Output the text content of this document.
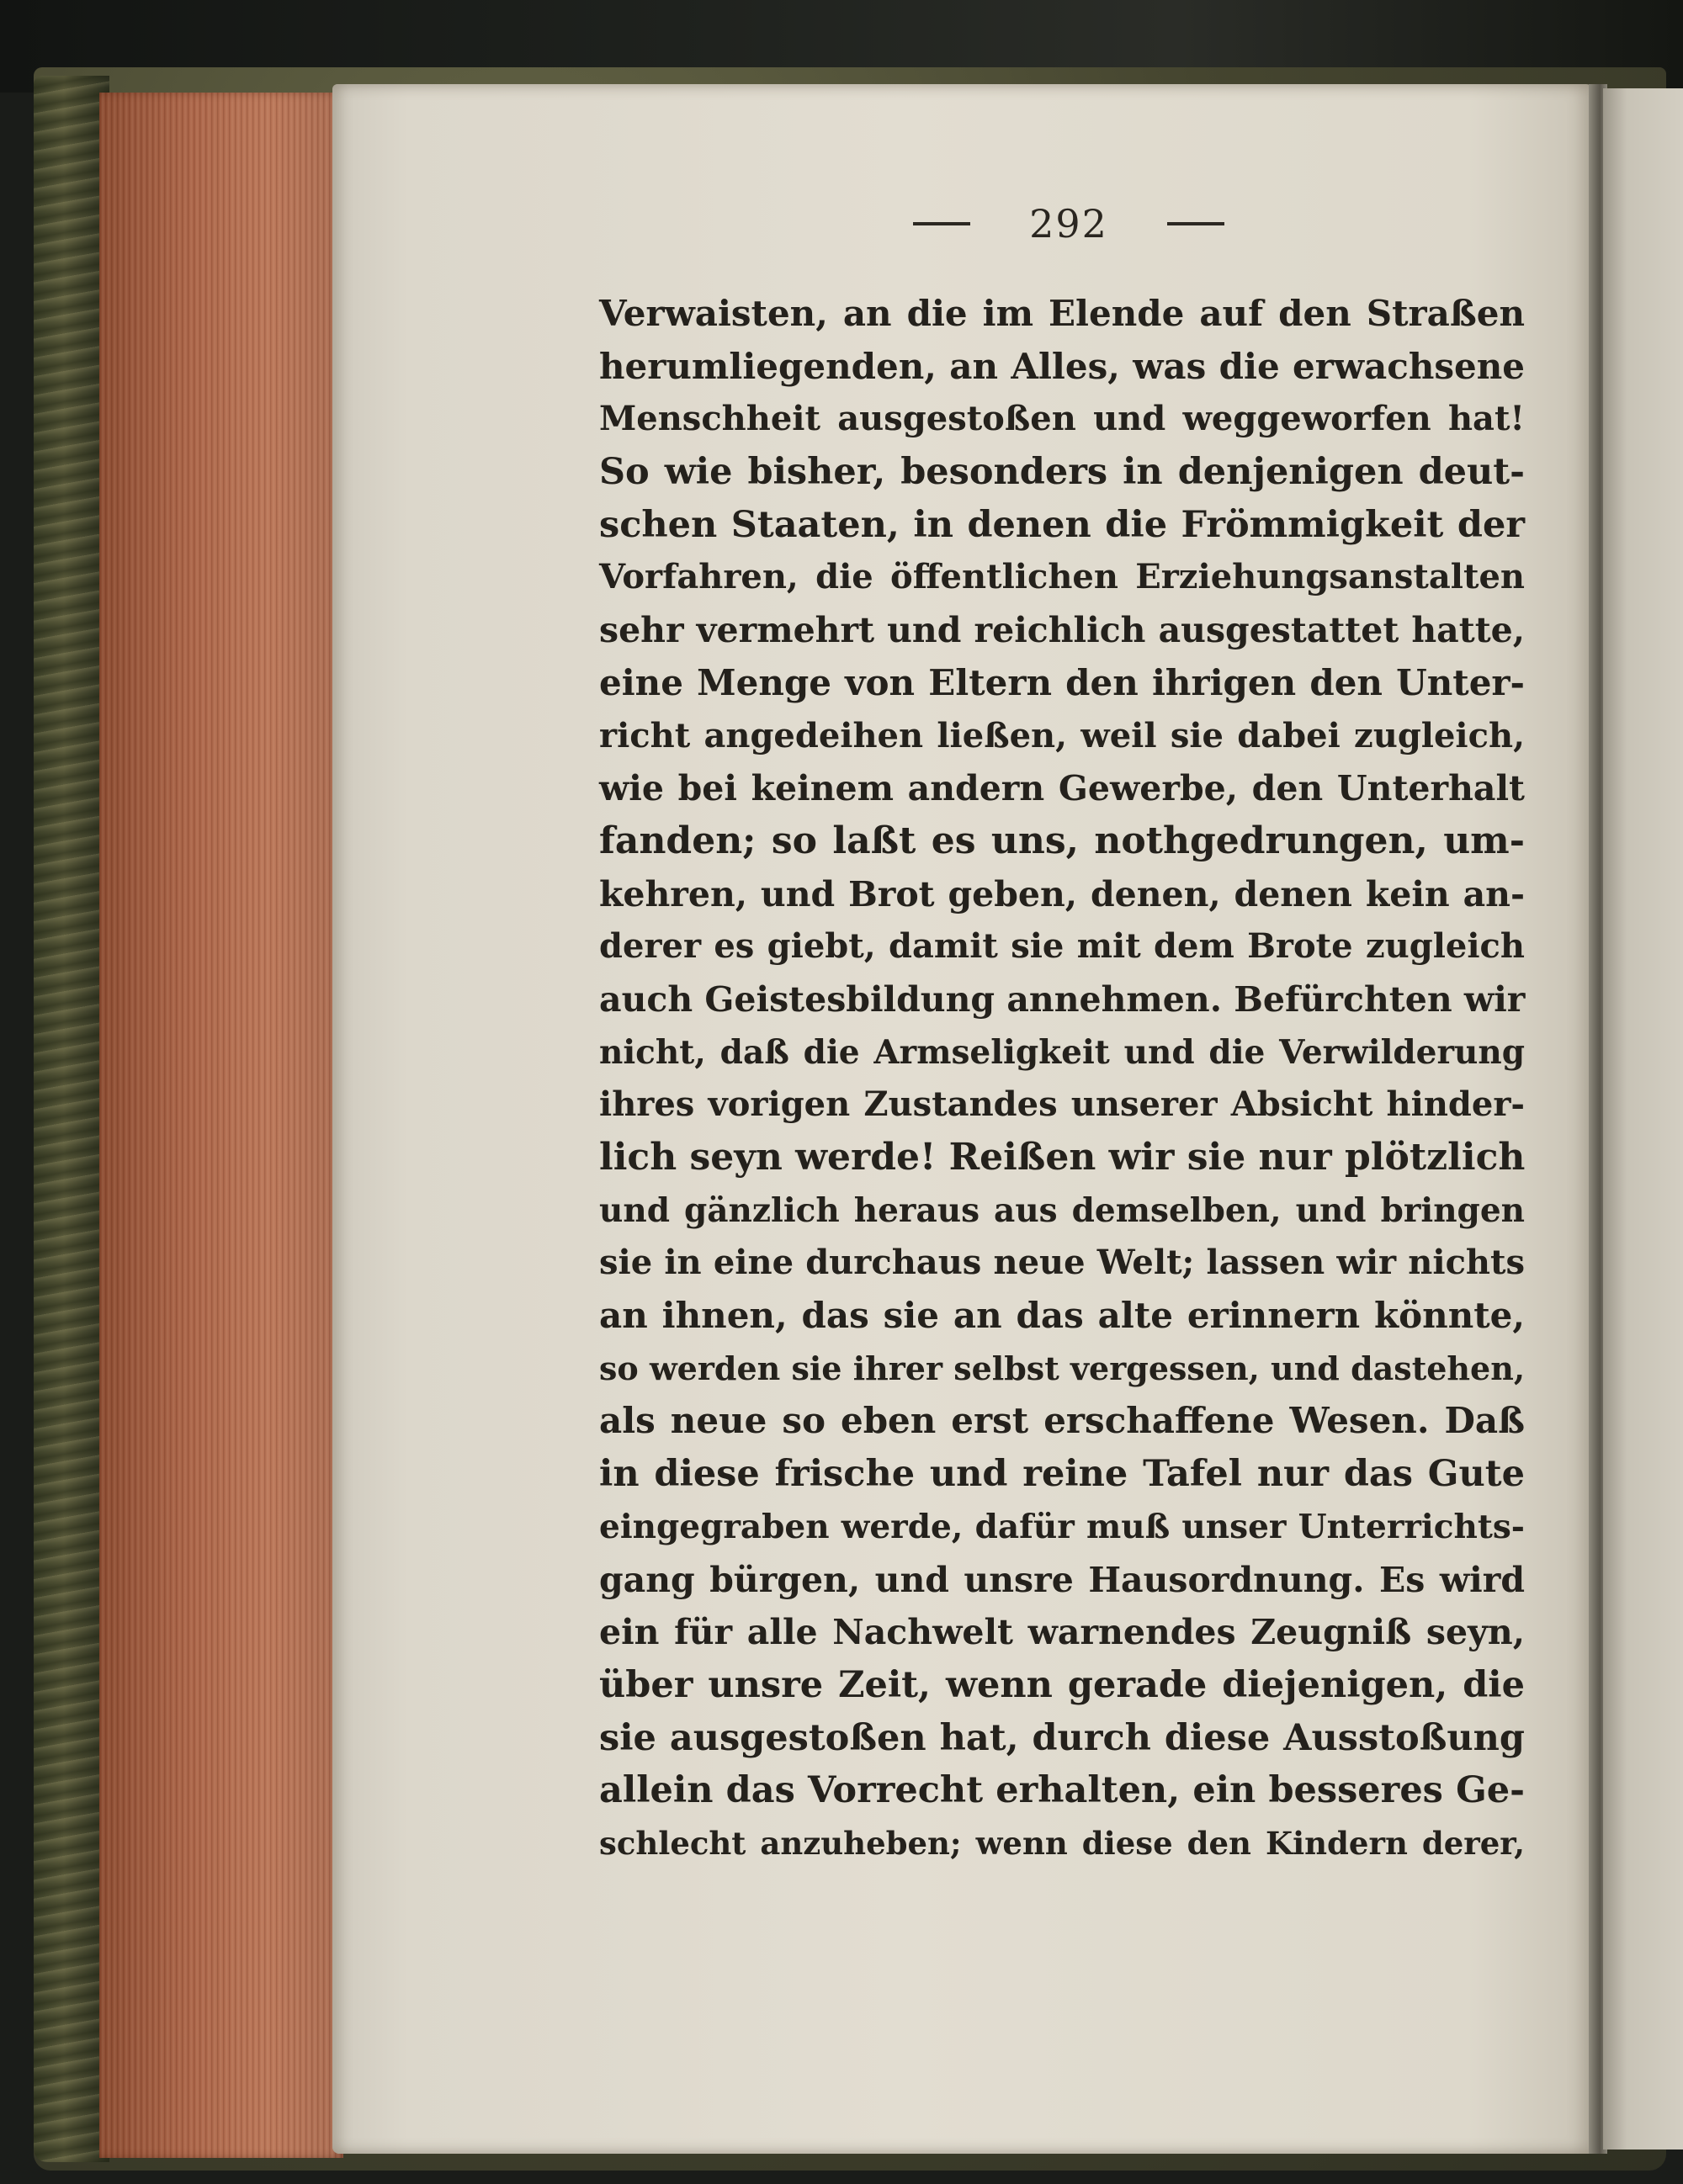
292
Verwaisten, an die im Elende auf den Straßen
herumliegenden, an Alles, was die erwachsene
Menschheit ausgestoßen und weggeworfen hat!
So wie bisher, besonders in denjenigen deut-
schen Staaten, in denen die Frömmigkeit der
Vorfahren, die öffentlichen Erziehungsanstalten
sehr vermehrt und reichlich ausgestattet hatte,
eine Menge von Eltern den ihrigen den Unter-
richt angedeihen ließen, weil sie dabei zugleich,
wie bei keinem andern Gewerbe, den Unterhalt
fanden; so laßt es uns, nothgedrungen, um-
kehren, und Brot geben, denen, denen kein an-
derer es giebt, damit sie mit dem Brote zugleich
auch Geistesbildung annehmen. Befürchten wir
nicht, daß die Armseligkeit und die Verwilderung
ihres vorigen Zustandes unserer Absicht hinder-
lich seyn werde! Reißen wir sie nur plötzlich
und gänzlich heraus aus demselben, und bringen
sie in eine durchaus neue Welt; lassen wir nichts
an ihnen, das sie an das alte erinnern könnte,
so werden sie ihrer selbst vergessen, und dastehen,
als neue so eben erst erschaffene Wesen. Daß
in diese frische und reine Tafel nur das Gute
eingegraben werde, dafür muß unser Unterrichts-
gang bürgen, und unsre Hausordnung. Es wird
ein für alle Nachwelt warnendes Zeugniß seyn,
über unsre Zeit, wenn gerade diejenigen, die
sie ausgestoßen hat, durch diese Ausstoßung
allein das Vorrecht erhalten, ein besseres Ge-
schlecht anzuheben; wenn diese den Kindern derer,
